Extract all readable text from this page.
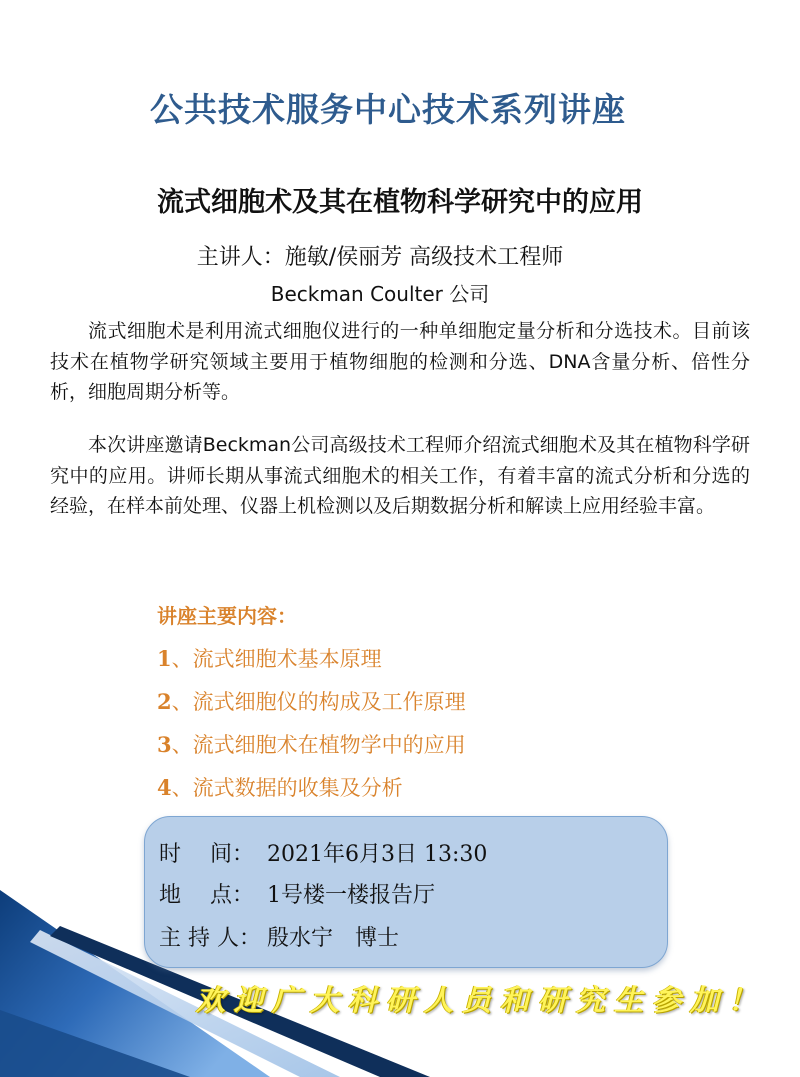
公共技术服务中心技术系列讲座
流式细胞术及其在植物科学研究中的应用
主讲人：施敏/侯丽芳 高级技术工程师
Beckman Coulter 公司
流式细胞术是利用流式细胞仪进行的一种单细胞定量分析和分选技术。目前该技术在植物学研究领域主要用于植物细胞的检测和分选、DNA含量分析、倍性分析，细胞周期分析等。
本次讲座邀请Beckman公司高级技术工程师介绍流式细胞术及其在植物科学研究中的应用。讲师长期从事流式细胞术的相关工作，有着丰富的流式分析和分选的经验，在样本前处理、仪器上机检测以及后期数据分析和解读上应用经验丰富。
讲座主要内容：
1、流式细胞术基本原理
2、流式细胞仪的构成及工作原理
3、流式细胞术在植物学中的应用
4、流式数据的收集及分析
时　 间： 2021年6月3日 13:30
地　 点： 1号楼一楼报告厅
主 持 人： 殷水宁　博士
欢迎广大科研人员和研究生参加！
